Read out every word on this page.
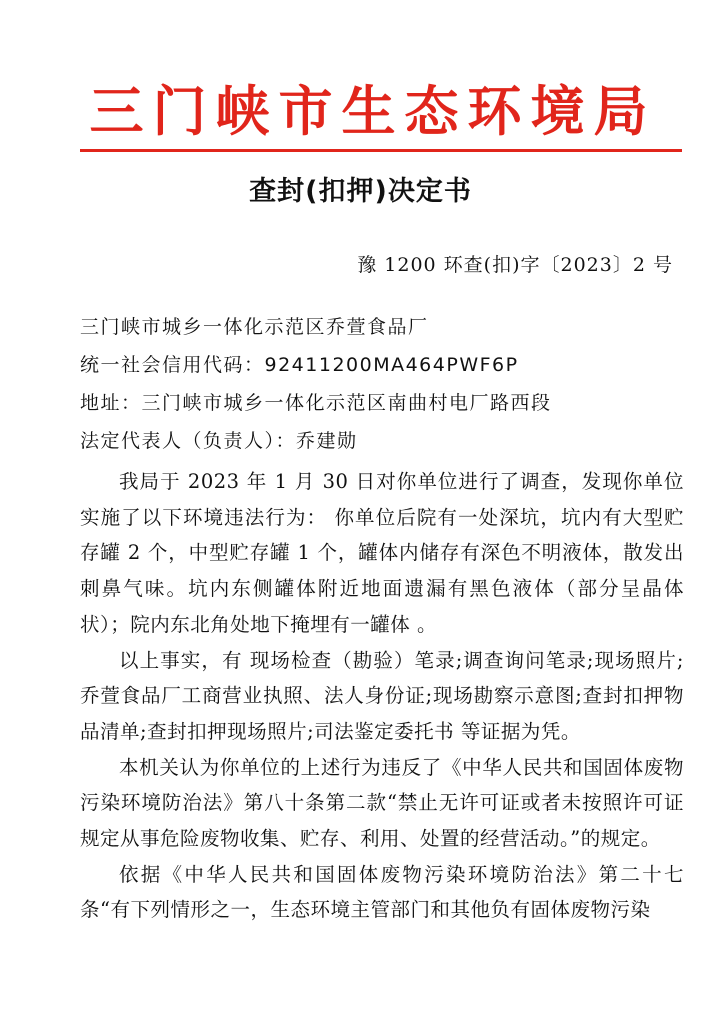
三门峡市生态环境局
查封(扣押)决定书
豫 1200 环查(扣)字〔2023〕2 号
三门峡市城乡一体化示范区乔萱食品厂
统一社会信用代码：92411200MA464PWF6P
地址：三门峡市城乡一体化示范区南曲村电厂路西段
法定代表人（负责人）：乔建勋

我局于 2023 年 1 月 30 日对你单位进行了调查，发现你单位实施了以下环境违法行为： 你单位后院有一处深坑，坑内有大型贮存罐 2 个，中型贮存罐 1 个，罐体内储存有深色不明液体，散发出刺鼻气味。坑内东侧罐体附近地面遗漏有黑色液体（部分呈晶体状）；院内东北角处地下掩埋有一罐体 。

以上事实，有 现场检查（勘验）笔录;调查询问笔录;现场照片;乔萱食品厂工商营业执照、法人身份证;现场勘察示意图;查封扣押物品清单;查封扣押现场照片;司法鉴定委托书 等证据为凭。

本机关认为你单位的上述行为违反了《中华人民共和国固体废物污染环境防治法》第八十条第二款“禁止无许可证或者未按照许可证规定从事危险废物收集、贮存、利用、处置的经营活动。”的规定。

依据《中华人民共和国固体废物污染环境防治法》第二十七条“有下列情形之一，生态环境主管部门和其他负有固体废物污染
